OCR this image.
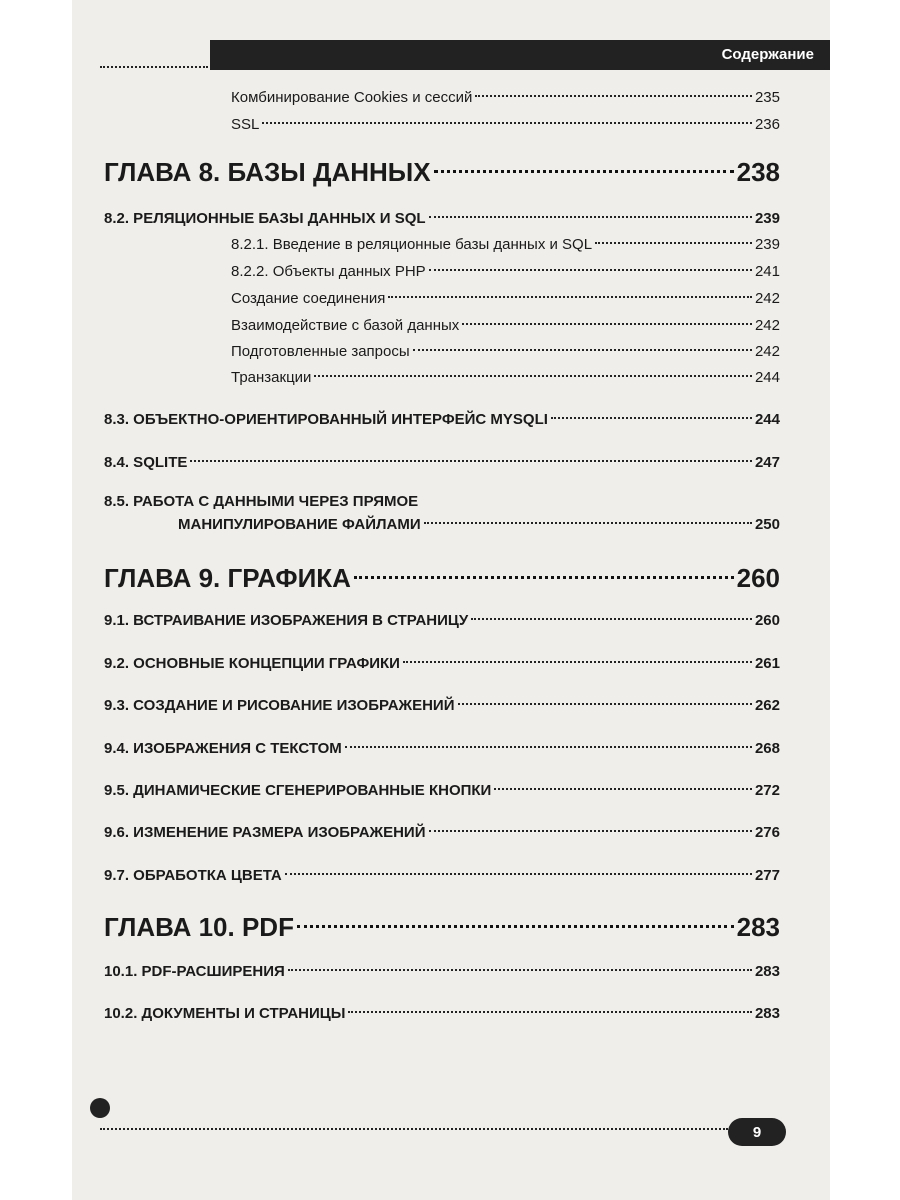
Содержание
Комбинирование Cookies и сессий	235
SSL	236
ГЛАВА 8. БАЗЫ ДАННЫХ	238
8.2. РЕЛЯЦИОННЫЕ БАЗЫ ДАННЫХ И SQL	239
8.2.1. Введение в реляционные базы данных и SQL	239
8.2.2. Объекты данных PHP	241
Создание соединения	242
Взаимодействие с базой данных	242
Подготовленные запросы	242
Транзакции	244
8.3. ОБЪЕКТНО-ОРИЕНТИРОВАННЫЙ ИНТЕРФЕЙС MYSQLI	244
8.4. SQLITE	247
8.5. РАБОТА С ДАННЫМИ ЧЕРЕЗ ПРЯМОЕ
МАНИПУЛИРОВАНИЕ ФАЙЛАМИ	250
ГЛАВА 9. ГРАФИКА	260
9.1. ВСТРАИВАНИЕ ИЗОБРАЖЕНИЯ В СТРАНИЦУ	260
9.2. ОСНОВНЫЕ КОНЦЕПЦИИ ГРАФИКИ	261
9.3. СОЗДАНИЕ И РИСОВАНИЕ ИЗОБРАЖЕНИЙ	262
9.4. ИЗОБРАЖЕНИЯ С ТЕКСТОМ	268
9.5. ДИНАМИЧЕСКИЕ СГЕНЕРИРОВАННЫЕ КНОПКИ	272
9.6. ИЗМЕНЕНИЕ РАЗМЕРА ИЗОБРАЖЕНИЙ	276
9.7. ОБРАБОТКА ЦВЕТА	277
ГЛАВА 10. PDF	283
10.1. PDF-РАСШИРЕНИЯ	283
10.2. ДОКУМЕНТЫ И СТРАНИЦЫ	283
9
